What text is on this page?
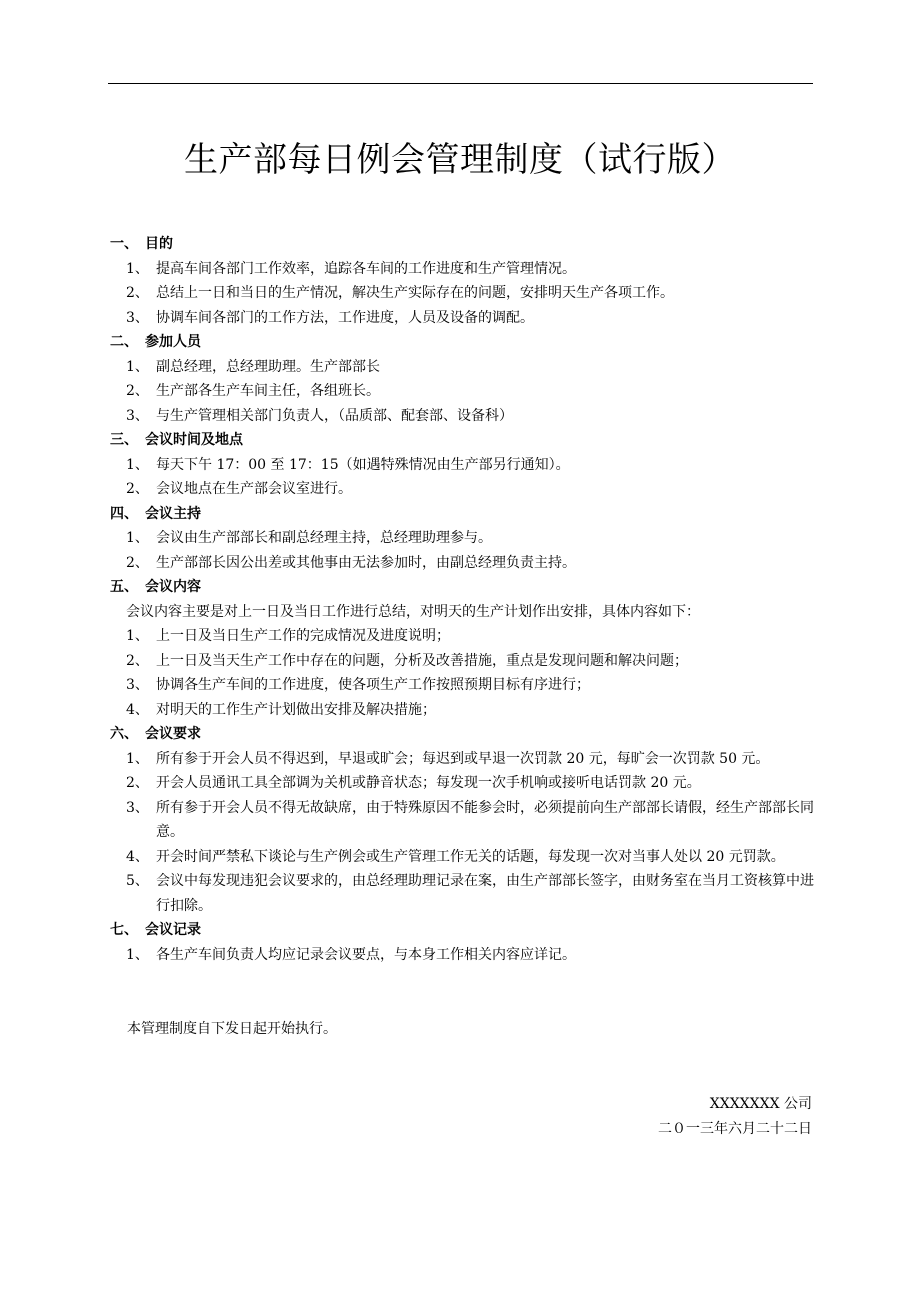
生产部每日例会管理制度（试行版）
一、 目的
1、 提高车间各部门工作效率，追踪各车间的工作进度和生产管理情况。
2、 总结上一日和当日的生产情况，解决生产实际存在的问题，安排明天生产各项工作。
3、 协调车间各部门的工作方法，工作进度，人员及设备的调配。
二、 参加人员
1、 副总经理，总经理助理。生产部部长
2、 生产部各生产车间主任，各组班长。
3、 与生产管理相关部门负责人，（品质部、配套部、设备科）
三、 会议时间及地点
1、 每天下午 17：00 至 17：15（如遇特殊情况由生产部另行通知）。
2、 会议地点在生产部会议室进行。
四、 会议主持
1、 会议由生产部部长和副总经理主持，总经理助理参与。
2、 生产部部长因公出差或其他事由无法参加时，由副总经理负责主持。
五、 会议内容
会议内容主要是对上一日及当日工作进行总结，对明天的生产计划作出安排，具体内容如下：
1、 上一日及当日生产工作的完成情况及进度说明；
2、 上一日及当天生产工作中存在的问题，分析及改善措施，重点是发现问题和解决问题；
3、 协调各生产车间的工作进度，使各项生产工作按照预期目标有序进行；
4、 对明天的工作生产计划做出安排及解决措施；
六、 会议要求
1、 所有参于开会人员不得迟到，早退或旷会；每迟到或早退一次罚款 20 元，每旷会一次罚款 50 元。
2、 开会人员通讯工具全部调为关机或静音状态；每发现一次手机响或接听电话罚款 20 元。
3、 所有参于开会人员不得无故缺席，由于特殊原因不能参会时，必须提前向生产部部长请假，经生产部部长同意。
4、 开会时间严禁私下谈论与生产例会或生产管理工作无关的话题，每发现一次对当事人处以 20 元罚款。
5、 会议中每发现违犯会议要求的，由总经理助理记录在案，由生产部部长签字，由财务室在当月工资核算中进行扣除。
七、 会议记录
1、 各生产车间负责人均应记录会议要点，与本身工作相关内容应详记。
本管理制度自下发日起开始执行。
XXXXXXX 公司
二０一三年六月二十二日
